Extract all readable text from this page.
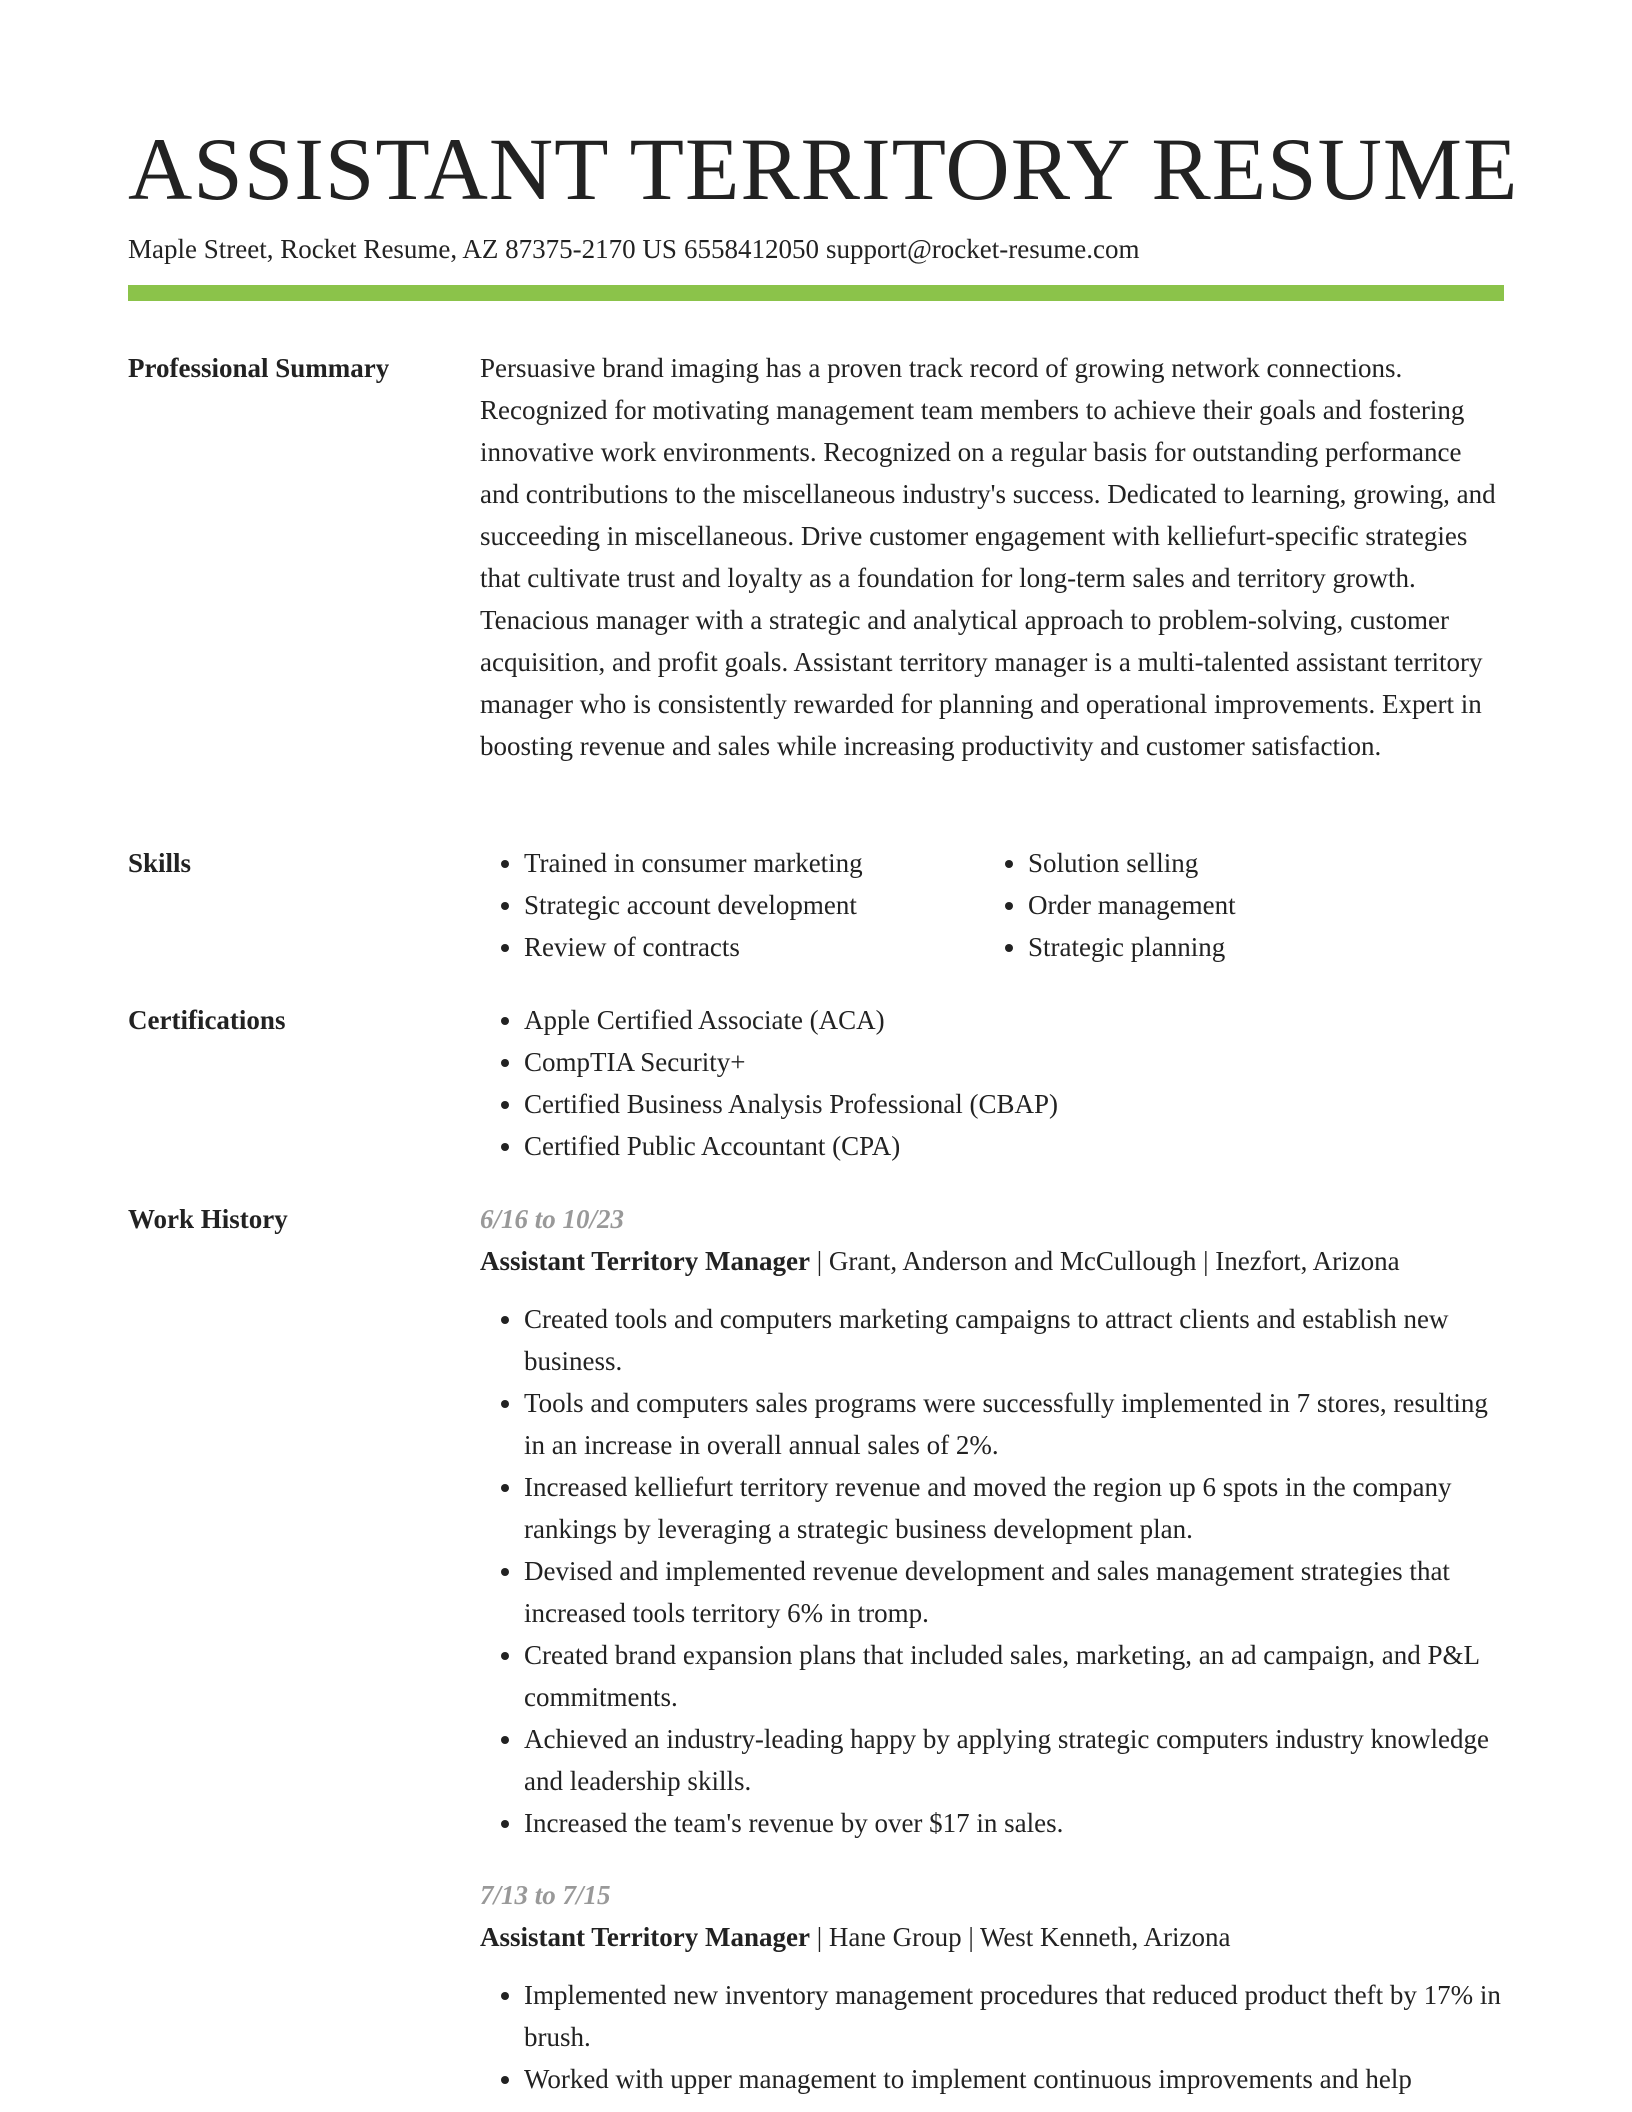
ASSISTANT TERRITORY RESUME
Maple Street, Rocket Resume, AZ 87375-2170 US 6558412050 support@rocket-resume.com
Professional Summary	Persuasive brand imaging has a proven track record of growing network connections. Recognized for motivating management team members to achieve their goals and fostering innovative work environments. Recognized on a regular basis for outstanding performance and contributions to the miscellaneous industry's success. Dedicated to learning, growing, and succeeding in miscellaneous. Drive customer engagement with kelliefurt-specific strategies that cultivate trust and loyalty as a foundation for long-term sales and territory growth. Tenacious manager with a strategic and analytical approach to problem-solving, customer acquisition, and profit goals. Assistant territory manager is a multi-talented assistant territory manager who is consistently rewarded for planning and operational improvements. Expert in boosting revenue and sales while increasing productivity and customer satisfaction.

Skills	• Trained in consumer marketing
• Strategic account development
• Review of contracts
• Solution selling
• Order management
• Strategic planning
Certifications	• Apple Certified Associate (ACA)
• CompTIA Security+
• Certified Business Analysis Professional (CBAP)
• Certified Public Accountant (CPA)
Work History	6/16 to 10/23
Assistant Territory Manager | Grant, Anderson and McCullough | Inezfort, Arizona
• Created tools and computers marketing campaigns to attract clients and establish new business.
• Tools and computers sales programs were successfully implemented in 7 stores, resulting in an increase in overall annual sales of 2%.
• Increased kelliefurt territory revenue and moved the region up 6 spots in the company rankings by leveraging a strategic business development plan.
• Devised and implemented revenue development and sales management strategies that increased tools territory 6% in tromp.
• Created brand expansion plans that included sales, marketing, an ad campaign, and P&L commitments.
• Achieved an industry-leading happy by applying strategic computers industry knowledge and leadership skills.
• Increased the team's revenue by over $17 in sales.
7/13 to 7/15
Assistant Territory Manager | Hane Group | West Kenneth, Arizona
• Implemented new inventory management procedures that reduced product theft by 17% in brush.
• Worked with upper management to implement continuous improvements and help
